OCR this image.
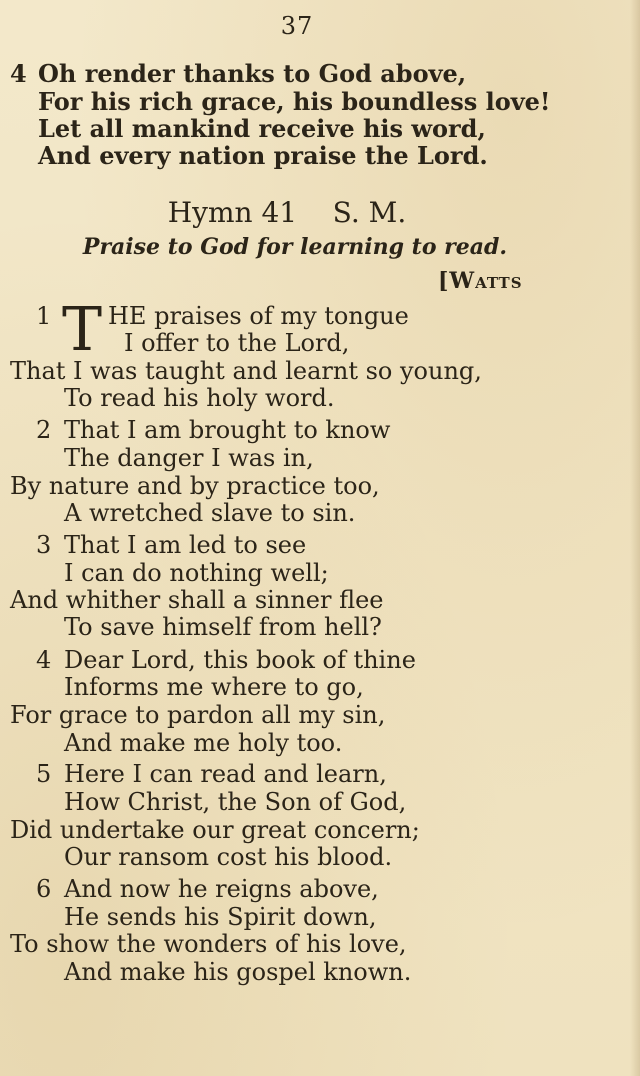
37
4 Oh render thanks to God above,
For his rich grace, his boundless love!
Let all mankind receive his word,
And every nation praise the Lord.
Hymn 41    S. M.
Praise to God for learning to read.
[Watts
1 T HE praises of my tongue
I offer to the Lord,
That I was taught and learnt so young,
To read his holy word.
2 That I am brought to know
The danger I was in,
By nature and by practice too,
A wretched slave to sin.
3 That I am led to see
I can do nothing well;
And whither shall a sinner flee
To save himself from hell?
4 Dear Lord, this book of thine
Informs me where to go,
For grace to pardon all my sin,
And make me holy too.
5 Here I can read and learn,
How Christ, the Son of God,
Did undertake our great concern;
Our ransom cost his blood.
6 And now he reigns above,
He sends his Spirit down,
To show the wonders of his love,
And make his gospel known.
